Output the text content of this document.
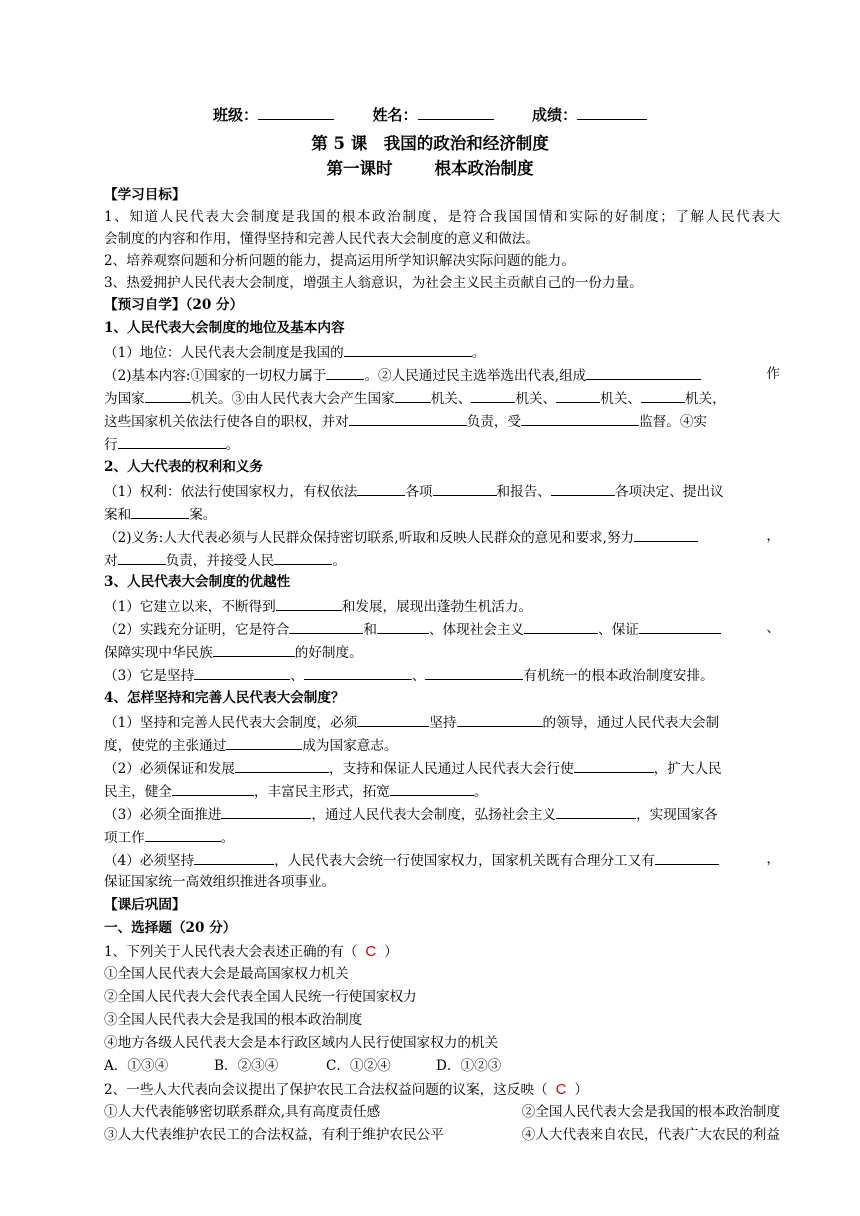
班级：	姓名：	成绩：
第 5 课　我国的政治和经济制度
第一课时	根本政治制度
【学习目标】
1、知道人民代表大会制度是我国的根本政治制度，是符合我国国情和实际的好制度；了解人民代表大
会制度的内容和作用，懂得坚持和完善人民代表大会制度的意义和做法。
2、培养观察问题和分析问题的能力，提高运用所学知识解决实际问题的能力。
3、热爱拥护人民代表大会制度，增强主人翁意识，为社会主义民主贡献自己的一份力量。
【预习自学】（20 分）
1、人民代表大会制度的地位及基本内容
（1）地位：人民代表大会制度是我国的	。
（2)基本内容:①国家的一切权力属于	。②人民通过民主选举选出代表,组成	作
为国家	机关。③由人民代表大会产生国家	机关、	机关、	机关、	机关，
这些国家机关依法行使各自的职权，并对	负责，受	监督。④实
行	。
2、人大代表的权利和义务
（1）权利：依法行使国家权力，有权依法	各项	和报告、	各项决定、提出议
案和	案。
（2)义务:人大代表必须与人民群众保持密切联系,听取和反映人民群众的意见和要求,努力	，
对	负责，并接受人民	。
3、人民代表大会制度的优越性
（1）它建立以来，不断得到	和发展，展现出蓬勃生机活力。
（2）实践充分证明，它是符合	和	、体现社会主义	、保证	、
保障实现中华民族	的好制度。
（3）它是坚持	、	、	有机统一的根本政治制度安排。
4、怎样坚持和完善人民代表大会制度？
（1）坚持和完善人民代表大会制度，必须	坚持	的领导，通过人民代表大会制
度，使党的主张通过	成为国家意志。
（2）必须保证和发展	，支持和保证人民通过人民代表大会行使	，扩大人民
民主，健全	，丰富民主形式，拓宽	。
（3）必须全面推进	，通过人民代表大会制度，弘扬社会主义	，实现国家各
项工作	。
（4）必须坚持	，人民代表大会统一行使国家权力，国家机关既有合理分工又有	，
保证国家统一高效组织推进各项事业。
【课后巩固】
一、选择题（20 分）
1、下列关于人民代表大会表述正确的有（ C ）
①全国人民代表大会是最高国家权力机关
②全国人民代表大会代表全国人民统一行使国家权力
③全国人民代表大会是我国的根本政治制度
④地方各级人民代表大会是本行政区域内人民行使国家权力的机关
A．①③④	B．②③④	C．①②④	D．①②③
2、一些人大代表向会议提出了保护农民工合法权益问题的议案，这反映（ C ）
①人大代表能够密切联系群众,具有高度责任感	②全国人民代表大会是我国的根本政治制度
③人大代表维护农民工的合法权益，有利于维护农民公平	④人大代表来自农民，代表广大农民的利益
